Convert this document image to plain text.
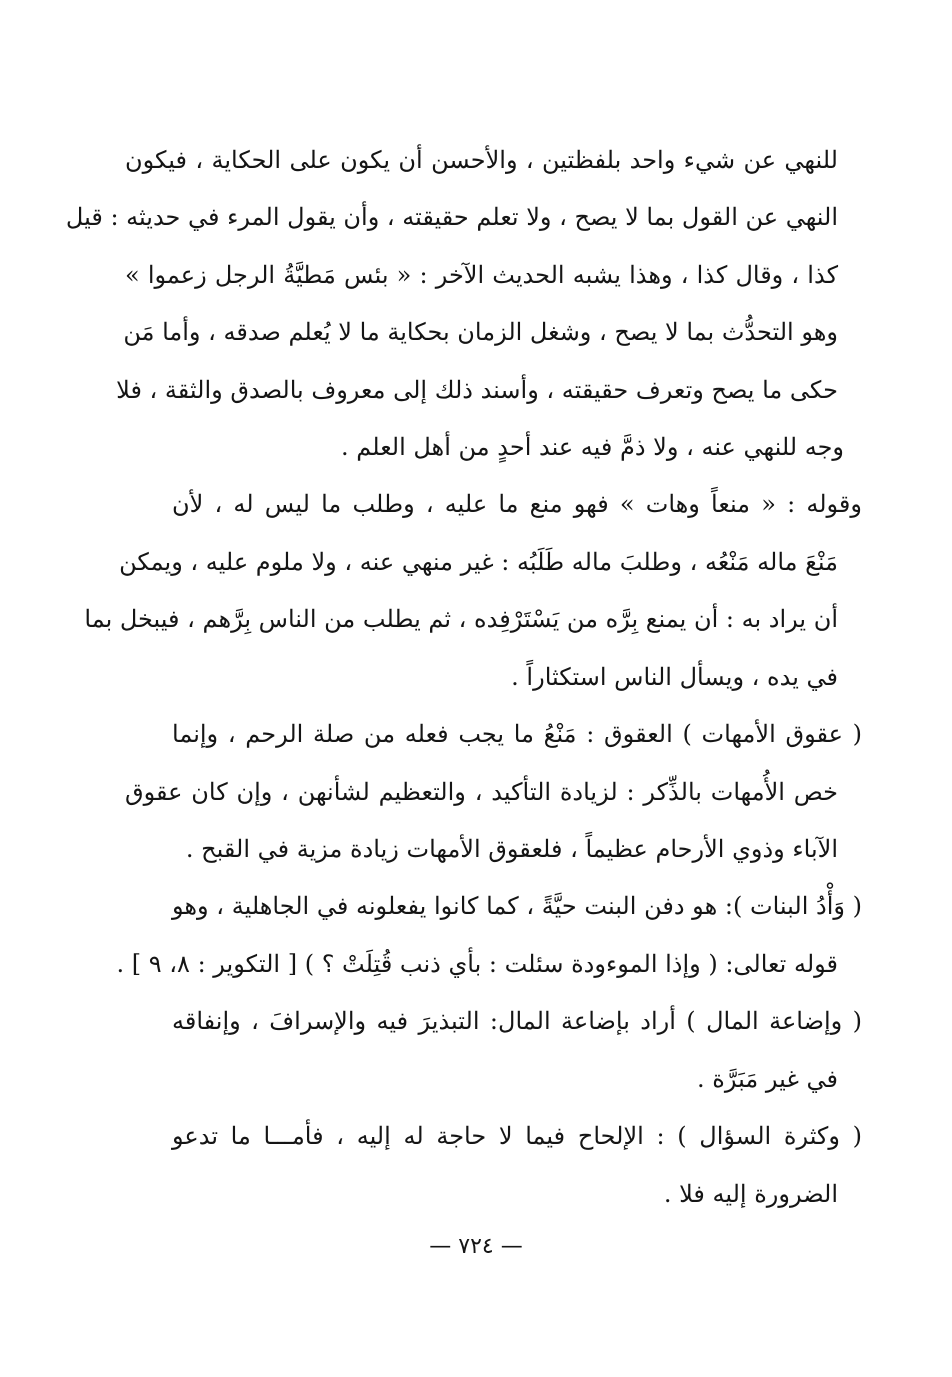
للنهي عن شيء واحد بلفظتين ، والأحسن أن يكون على الحكاية ، فيكون
النهي عن القول بما لا يصح ، ولا تعلم حقيقته ، وأن يقول المرء في حديثه : قيل
كذا ، وقال كذا ، وهذا يشبه الحديث الآخر : « بئس مَطيَّةُ الرجل زعموا »
وهو التحدُّث بما لا يصح ، وشغل الزمان بحكاية ما لا يُعلم صدقه ، وأما مَن
حكى ما يصح وتعرف حقيقته ، وأسند ذلك إلى معروف بالصدق والثقة ، فلا
وجه للنهي عنه ، ولا ذمَّ فيه عند أحدٍ من أهل العلم .
وقوله : « منعاً وهات » فهو منع ما عليه ، وطلب ما ليس له ، لأن
مَنْعَ ماله مَنْعُه ، وطلبَ ماله طَلَبُه : غير منهي عنه ، ولا ملوم عليه ، ويمكن
أن يراد به : أن يمنع بِرَّه من يَسْتَرْفِده ، ثم يطلب من الناس بِرَّهم ، فيبخل بما
في يده ، ويسأل الناس استكثاراً .
( عقوق الأمهات ) العقوق : مَنْعُ ما يجب فعله من صلة الرحم ، وإنما
خص الأُمهات بالذِّكر : لزيادة التأكيد ، والتعظيم لشأنهن ، وإن كان عقوق
الآباء وذوي الأرحام عظيماً ، فلعقوق الأمهات زيادة مزية في القبح .
( وَأْدُ البنات ): هو دفن البنت حيَّةً ، كما كانوا يفعلونه في الجاهلية ، وهو
قوله تعالى: ( وإذا الموءودة سئلت : بأي ذنب قُتِلَتْ ؟ ) [ التكوير : ٨، ٩ ] .
( وإضاعة المال ) أراد بإضاعة المال: التبذيرَ فيه والإسرافَ ، وإنفاقه
في غير مَبَرَّة .
( وكثرة السؤال ) : الإلحاح فيما لا حاجة له إليه ، فأمـــا ما تدعو
الضرورة إليه فلا .
— ٧٢٤ —
